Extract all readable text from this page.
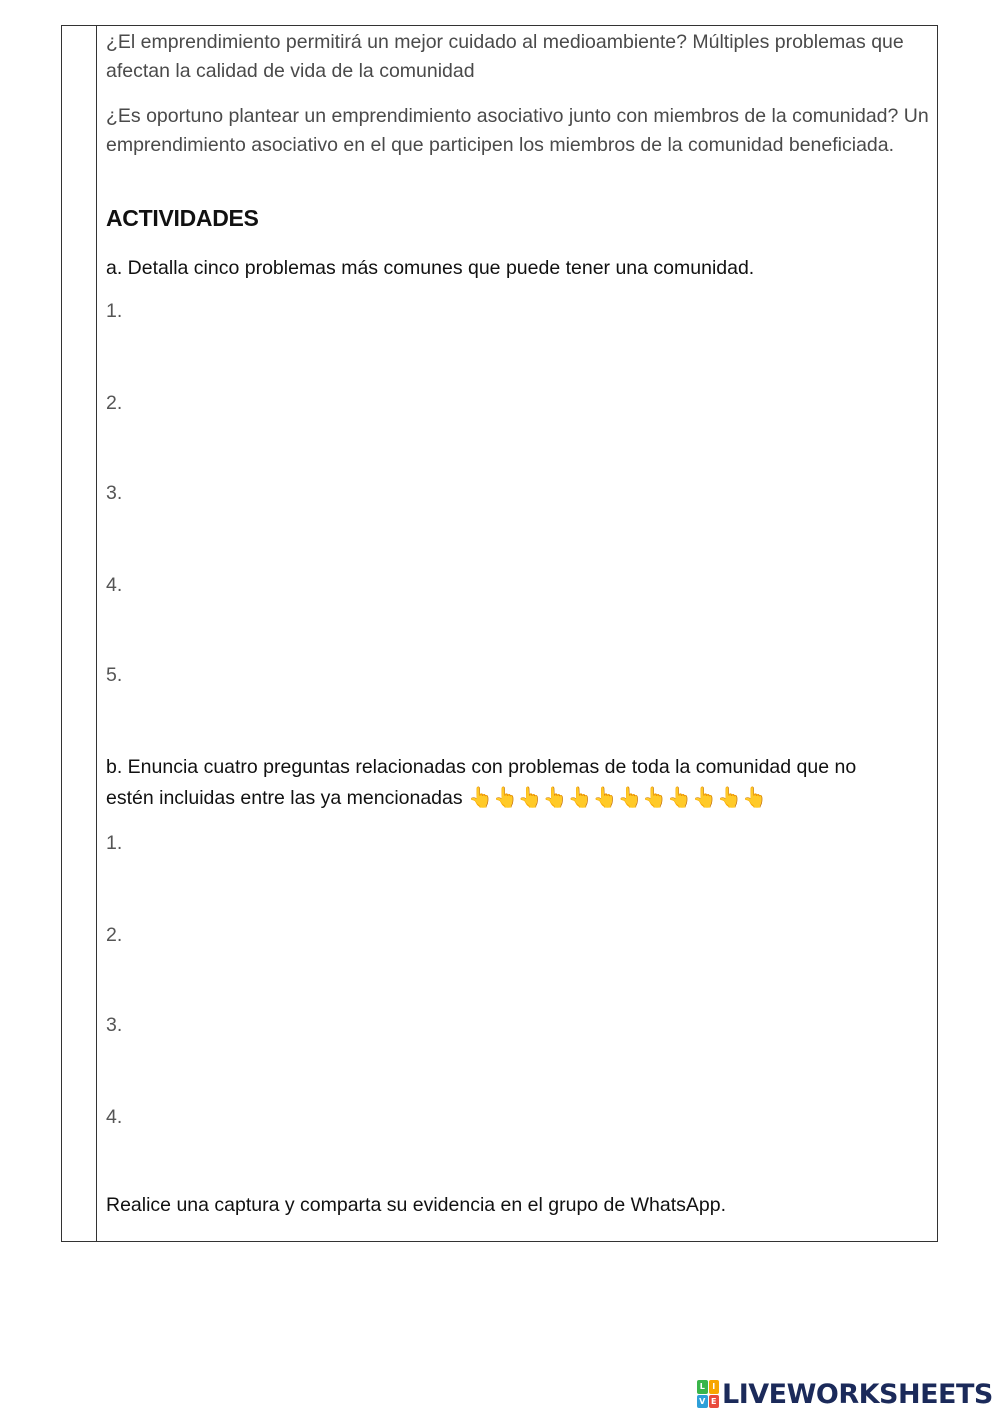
¿El emprendimiento permitirá un mejor cuidado al medioambiente? Múltiples problemas que afectan la calidad de vida de la comunidad

¿Es oportuno plantear un emprendimiento asociativo junto con miembros de la comunidad? Un emprendimiento asociativo en el que participen los miembros de la comunidad beneficiada.

ACTIVIDADES

a. Detalla cinco problemas más comunes que puede tener una comunidad.

1.
2.
3.
4.
5.

b. Enuncia cuatro preguntas relacionadas con problemas de toda la comunidad que no
estén incluidas entre las ya mencionadas 👆👆👆👆👆👆👆👆👆👆👆👆

1.
2.
3.
4.
Realice una captura y comparta su evidencia en el grupo de WhatsApp.
L I
V E LIVEWORKSHEETS
